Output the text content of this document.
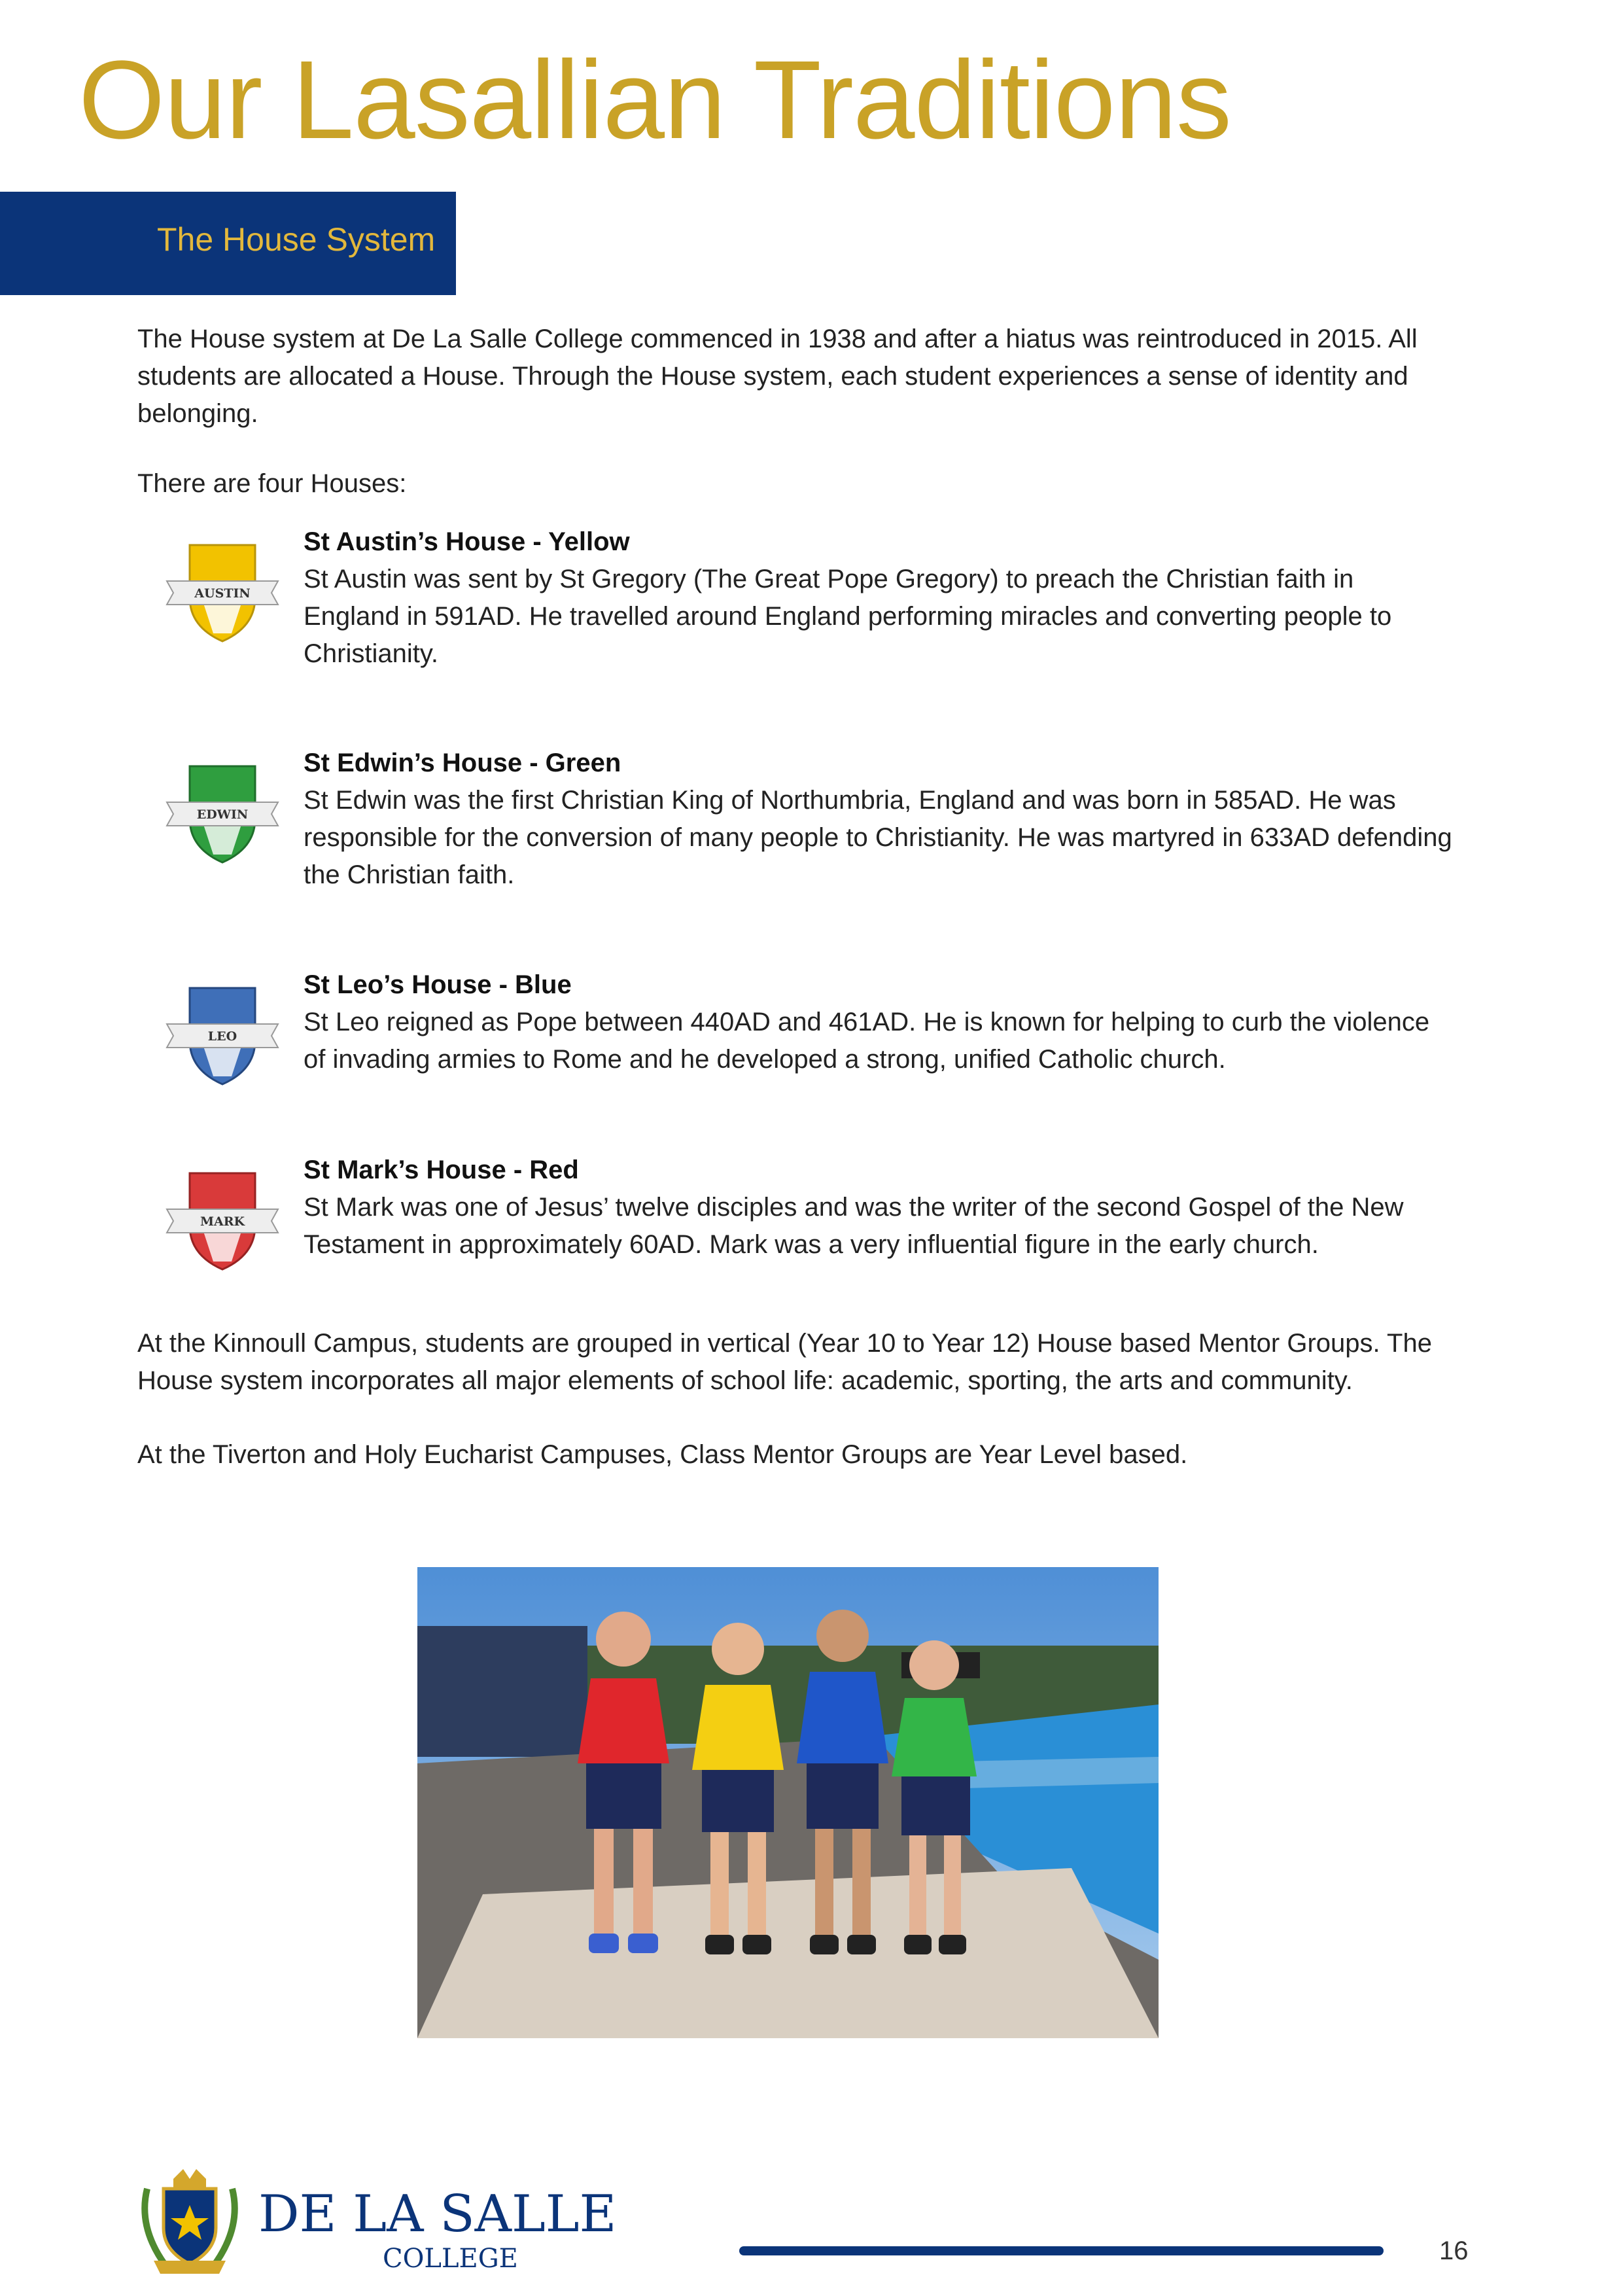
Our Lasallian Traditions
The House System

The House system at De La Salle College commenced in 1938 and after a hiatus was reintroduced in 2015. All students are allocated a House. Through the House system, each student experiences a sense of identity and belonging.

There are four Houses:

AUSTIN
St Austin’s House - Yellow
St Austin was sent by St Gregory (The Great Pope Gregory) to preach the Christian faith in England in 591AD. He travelled around England performing miracles and converting people to Christianity.
EDWIN
St Edwin’s House - Green
St Edwin was the first Christian King of Northumbria, England and was born in 585AD. He was responsible for the conversion of many people to Christianity. He was martyred in 633AD defending the Christian faith.
LEO
St Leo’s House - Blue
St Leo reigned as Pope between 440AD and 461AD. He is known for helping to curb the violence of invading armies to Rome and he developed a strong, unified Catholic church.
MARK
St Mark’s House - Red
St Mark was one of Jesus’ twelve disciples and was the writer of the second Gospel of the New Testament in approximately 60AD. Mark was a very influential figure in the early church.

At the Kinnoull Campus, students are grouped in vertical (Year 10 to Year 12) House based Mentor Groups. The House system incorporates all major elements of school life: academic, sporting, the arts and community.

At the Tiverton and Holy Eucharist Campuses, Class Mentor Groups are Year Level based.

DE LA SALLE
COLLEGE	16
